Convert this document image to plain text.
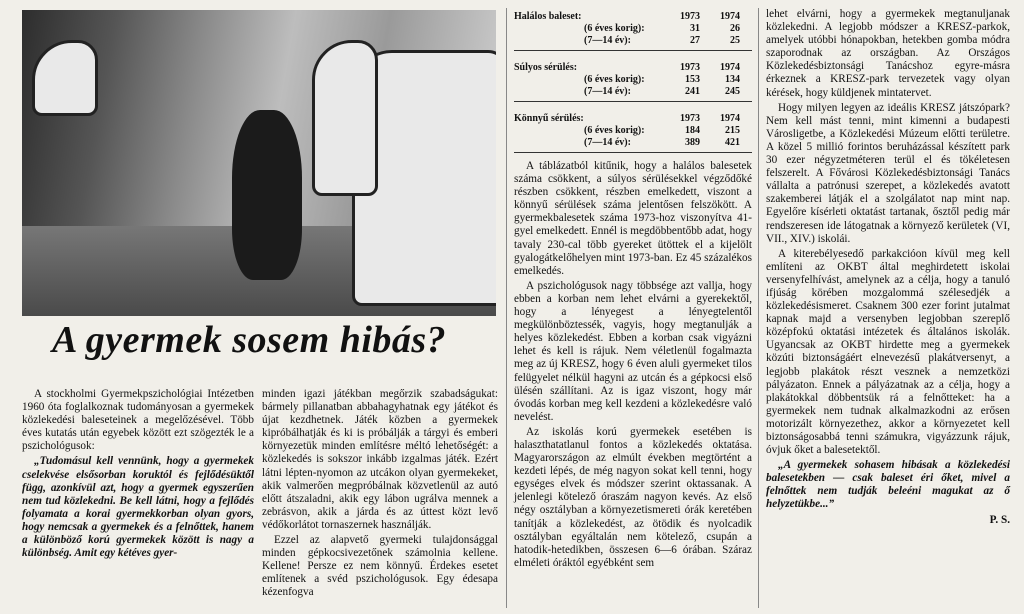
A gyermek sosem hibás?
Halálos baleset:	1973 1974
(6 éves korig):	31	26
(7—14 év):	27	25
Súlyos sérülés:	1973 1974
(6 éves korig):	153	134
(7—14 év):	241	245
Könnyű sérülés:	1973 1974
(6 éves korig):	184	215
(7—14 év):	389	421

A stockholmi Gyermekpszichológiai Intézetben 1960 óta foglalkoznak tudományosan a gyermekek közlekedési baleseteinek a megelőzésével. Több éves kutatás után egyebek között ezt szögezték le a pszichológusok:

„Tudomásul kell vennünk, hogy a gyermekek cselekvése elsősorban koruktól és fejlődésüktől függ, azonkívül azt, hogy a gyermek egyszerűen nem tud közlekedni. Be kell látni, hogy a fejlődés folyamata a korai gyermekkorban olyan gyors, hogy nemcsak a gyermekek és a felnőttek, hanem a különböző korú gyermekek között is nagy a különbség. Amit egy kétéves gyer-

minden igazi játékban megőrzik szabadságukat: bármely pillanatban abbahagyhatnak egy játékot és újat kezdhetnek. Játék közben a gyermekek kipróbálhatják és ki is próbálják a tárgyi és emberi környezetük minden említésre méltó lehetőségét: a közlekedés is sokszor inkább izgalmas játék. Ezért látni lépten-nyomon az utcákon olyan gyermekeket, akik valmerően megpróbálnak közvetlenül az autó előtt átszaladni, akik egy lábon ugrálva mennek a zebrásvon, akik a járda és az úttest közt levő védőkorlátot tornaszernek használják.

Ezzel az alapvető gyermeki tulajdonsággal minden gépkocsivezetőnek számolnia kellene. Kellene! Persze ez nem könnyű. Érdekes esetet említenek a svéd pszichológusok. Egy édesapa kézenfogva

A táblázatból kitűnik, hogy a halálos balesetek száma csökkent, a súlyos sérülésekkel végződőké részben csökkent, részben emelkedett, viszont a könnyű sérülések száma jelentősen felszökött. A gyermekbalesetek száma 1973-hoz viszonyítva 41-gyel emelkedett. Ennél is megdöbbentőbb adat, hogy tavaly 230-cal több gyereket ütöttek el a kijelölt gyalogátkelőhelyen mint 1973-ban. Ez 45 százalékos emelkedés.

A pszichológusok nagy többsége azt vallja, hogy ebben a korban nem lehet elvárni a gyerekektől, hogy a lényegest a lényegtelentől megkülönböztessék, vagyis, hogy megtanulják a helyes közlekedést. Ebben a korban csak vigyázni lehet és kell is rájuk. Nem véletlenül fogalmazta meg az új KRESZ, hogy 6 éven aluli gyermeket tilos felügyelet nélkül hagyni az utcán és a gépkocsi első ülésén szállítani. Az is igaz viszont, hogy már óvodás korban meg kell kezdeni a közlekedésre való nevelést.

Az iskolás korú gyermekek esetében is halaszthatatlanul fontos a közlekedés oktatása. Magyarországon az elmúlt években megtörtént a kezdeti lépés, de még nagyon sokat kell tenni, hogy egységes elvek és módszer szerint oktassanak. A jelenlegi kötelező óraszám nagyon kevés. Az első négy osztályban a környezetismereti órák keretében tanítják a közlekedést, az ötödik és nyolcadik osztályban egyáltalán nem kötelező, csupán a hatodik-hetedikben, összesen 6—6 órában. Száraz elméleti óráktól egyébként sem

lehet elvárni, hogy a gyermekek megtanuljanak közlekedni. A legjobb módszer a KRESZ-parkok, amelyek utóbbi hónapokban, hetekben gomba módra szaporodnak az országban. Az Országos Közlekedésbiztonsági Tanácshoz egyre-másra érkeznek a KRESZ-park tervezetek vagy olyan kérések, hogy küldjenek mintatervet.

Hogy milyen legyen az ideális KRESZ játszópark? Nem kell mást tenni, mint kimenni a budapesti Városligetbe, a Közlekedési Múzeum előtti területre. A közel 5 millió forintos beruházással készített park 30 ezer négyzetméteren terül el és tökéletesen felszerelt. A Fővárosi Közlekedésbiztonsági Tanács vállalta a patrónusi szerepet, a közlekedés avatott szakemberei látják el a szolgálatot nap mint nap. Egyelőre kísérleti oktatást tartanak, ősztől pedig már rendszeresen ide látogatnak a környező kerületek (VI, VII., XIV.) iskolái.

A kiterebélyesedő parkakcióon kívül meg kell említeni az OKBT által meghirdetett iskolai versenyfelhívást, amelynek az a célja, hogy a tanuló ifjúság körében mozgalommá szélesedjék a közlekedésismeret. Csaknem 300 ezer forint jutalmat kapnak majd a versenyben legjobban szereplő középfokú oktatási intézetek és általános iskolák. Ugyancsak az OKBT hirdette meg a gyermekek közúti biztonságáért elnevezésű plakátversenyt, a legjobb plakátok részt vesznek a nemzetközi pályázaton. Ennek a pályázatnak az a célja, hogy a plakátokkal döbbentsük rá a felnőtteket: ha a gyermekek nem tudnak alkalmazkodni az erősen motorizált környezethez, akkor a környezetet kell biztonságosabbá tenni számukra, vigyázzunk rájuk, óvjuk őket a balesetektől.

„A gyermekek sohasem hibásak a közlekedési balesetekben — csak baleset éri őket, mivel a felnőttek nem tudják beleéni magukat az ő helyzetükbe...”

P. S.
